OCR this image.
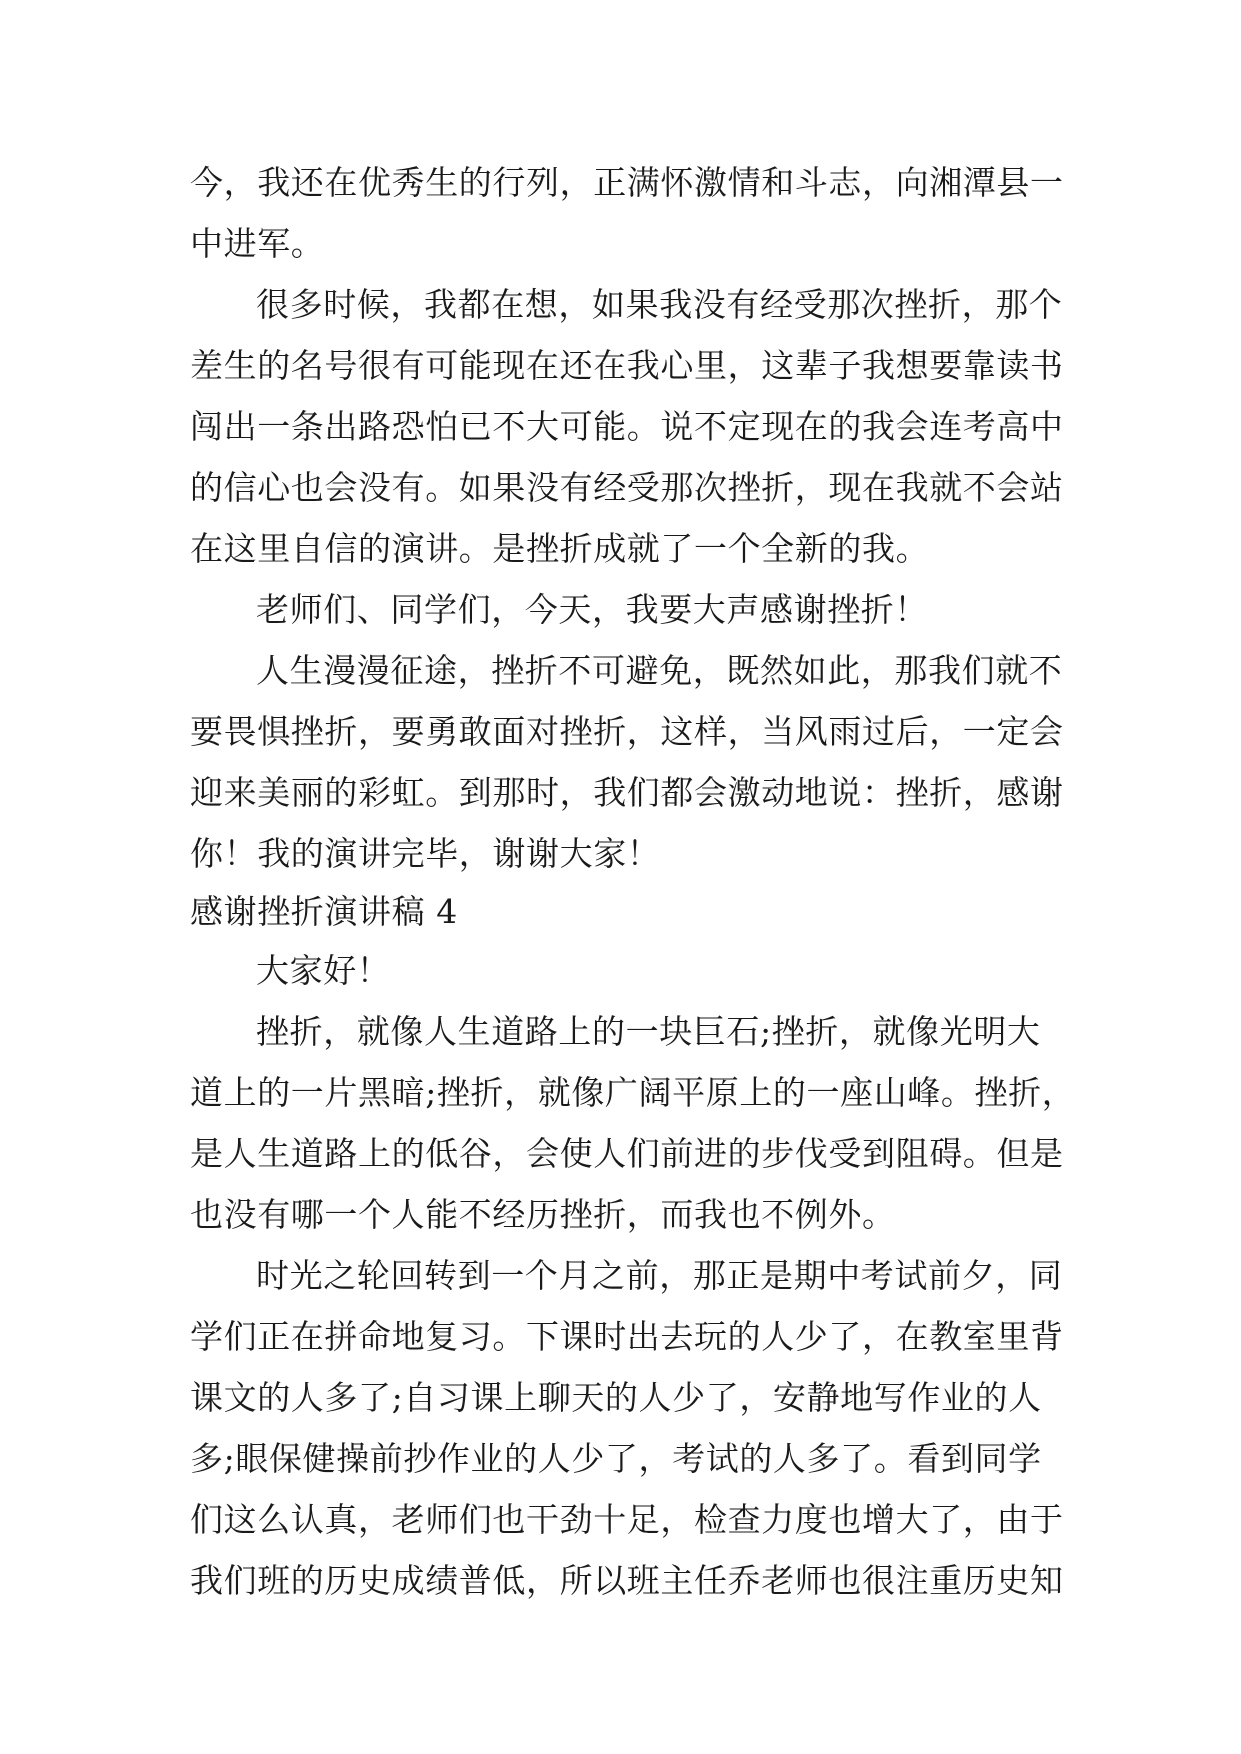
今，我还在优秀生的行列，正满怀激情和斗志，向湘潭县一
中进军。
很多时候，我都在想，如果我没有经受那次挫折，那个
差生的名号很有可能现在还在我心里，这辈子我想要靠读书
闯出一条出路恐怕已不大可能。说不定现在的我会连考高中
的信心也会没有。如果没有经受那次挫折，现在我就不会站
在这里自信的演讲。是挫折成就了一个全新的我。
老师们、同学们，今天，我要大声感谢挫折！
人生漫漫征途，挫折不可避免，既然如此，那我们就不
要畏惧挫折，要勇敢面对挫折，这样，当风雨过后，一定会
迎来美丽的彩虹。到那时，我们都会激动地说：挫折，感谢
你！我的演讲完毕，谢谢大家！
感谢挫折演讲稿 4
大家好！
挫折，就像人生道路上的一块巨石;挫折，就像光明大
道上的一片黑暗;挫折，就像广阔平原上的一座山峰。挫折，
是人生道路上的低谷，会使人们前进的步伐受到阻碍。但是
也没有哪一个人能不经历挫折，而我也不例外。
时光之轮回转到一个月之前，那正是期中考试前夕，同
学们正在拼命地复习。下课时出去玩的人少了，在教室里背
课文的人多了;自习课上聊天的人少了，安静地写作业的人
多;眼保健操前抄作业的人少了，考试的人多了。看到同学
们这么认真，老师们也干劲十足，检查力度也增大了，由于
我们班的历史成绩普低，所以班主任乔老师也很注重历史知
